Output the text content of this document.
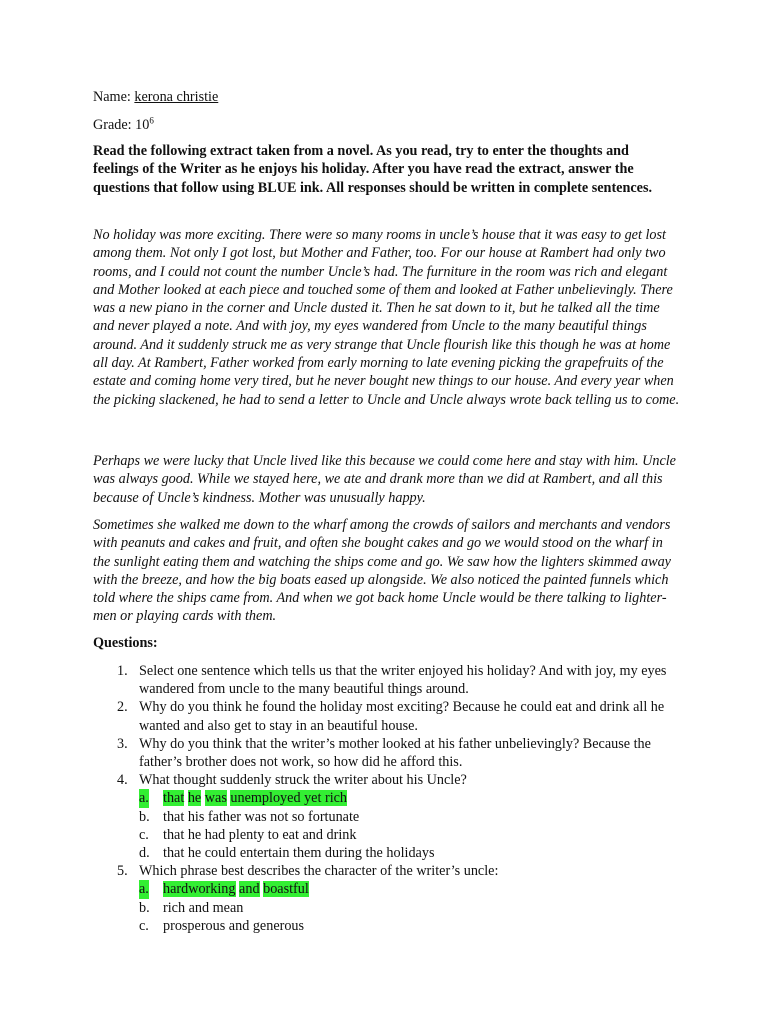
Name: kerona christie
Grade: $10^6$
Read the following extract taken from a novel. As you read, try to enter the thoughts and feelings of the Writer as he enjoys his holiday. After you have read the extract, answer the questions that follow using BLUE ink. All responses should be written in complete sentences.

No holiday was more exciting. There were so many rooms in uncle’s house that it was easy to get lost among them. Not only I got lost, but Mother and Father, too. For our house at Rambert had only two rooms, and I could not count the number Uncle’s had. The furniture in the room was rich and elegant and Mother looked at each piece and touched some of them and looked at Father unbelievingly. There was a new piano in the corner and Uncle dusted it. Then he sat down to it, but he talked all the time and never played a note. And with joy, my eyes wandered from Uncle to the many beautiful things around. And it suddenly struck me as very strange that Uncle flourish like this though he was at home all day. At Rambert, Father worked from early morning to late evening picking the grapefruits of the estate and coming home very tired, but he never bought new things to our house. And every year when the picking slackened, he had to send a letter to Uncle and Uncle always wrote back telling us to come.

Perhaps we were lucky that Uncle lived like this because we could come here and stay with him. Uncle was always good. While we stayed here, we ate and drank more than we did at Rambert, and all this because of Uncle’s kindness. Mother was unusually happy.

Sometimes she walked me down to the wharf among the crowds of sailors and merchants and vendors with peanuts and cakes and fruit, and often she bought cakes and go we would stood on the wharf in the sunlight eating them and watching the ships come and go. We saw how the lighters skimmed away with the breeze, and how the big boats eased up alongside. We also noticed the painted funnels which told where the ships came from. And when we got back home Uncle would be there talking to lighter- men or playing cards with them.

Questions:
1. Select one sentence which tells us that the writer enjoyed his holiday? And with joy, my eyes wandered from uncle to the many beautiful things around.
2. Why do you think he found the holiday most exciting? Because he could eat and drink all he wanted and also get to stay in an beautiful house.
3. Why do you think that the writer’s mother looked at his father unbelievingly? Because the father’s brother does not work, so how did he afford this.
4. What thought suddenly struck the writer about his Uncle?
a. that he was unemployed yet rich
b. that his father was not so fortunate
c. that he had plenty to eat and drink
d. that he could entertain them during the holidays
5. Which phrase best describes the character of the writer’s uncle:
a. hardworking and boastful
b. rich and mean
c. prosperous and generous
